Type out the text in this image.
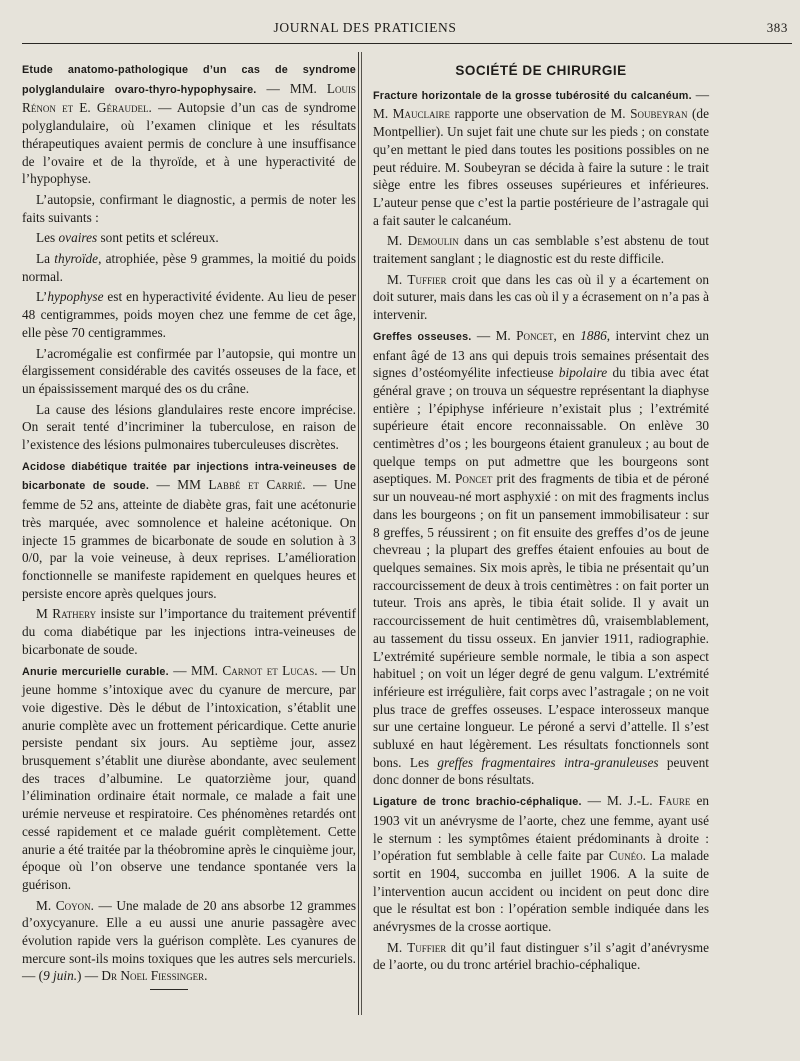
JOURNAL DES PRATICIENS	383

Etude anatomo-pathologique d’un cas de syndrome polyglandulaire ovaro-thyro-hypophysaire. — MM. Louis Rénon et E. Géraudel. — Autopsie d’un cas de syndrome polyglandulaire, où l’examen clinique et les résultats thérapeutiques avaient permis de conclure à une insuffisance de l’ovaire et de la thyroïde, et à une hyperactivité de l’hypophyse.

L’autopsie, confirmant le diagnostic, a permis de noter les faits suivants :

Les ovaires sont petits et scléreux.

La thyroïde, atrophiée, pèse 9 grammes, la moitié du poids normal.

L’hypophyse est en hyperactivité évidente. Au lieu de peser 48 centigrammes, poids moyen chez une femme de cet âge, elle pèse 70 centigrammes.

L’acromégalie est confirmée par l’autopsie, qui montre un élargissement considérable des cavités osseuses de la face, et un épaississement marqué des os du crâne.

La cause des lésions glandulaires reste encore imprécise. On serait tenté d’incriminer la tuberculose, en raison de l’existence des lésions pulmonaires tuberculeuses discrètes.

Acidose diabétique traitée par injections intra-veineuses de bicarbonate de soude. — MM Labbé et Carrié. — Une femme de 52 ans, atteinte de diabète gras, fait une acétonurie très marquée, avec somnolence et haleine acétonique. On injecte 15 grammes de bicarbonate de soude en solution à 3 0/0, par la voie veineuse, à deux reprises. L’amélioration fonctionnelle se manifeste rapidement en quelques heures et persiste encore après quelques jours.

M Rathery insiste sur l’importance du traitement préventif du coma diabétique par les injections intra-veineuses de bicarbonate de soude.

Anurie mercurielle curable. — MM. Carnot et Lucas. — Un jeune homme s’intoxique avec du cyanure de mercure, par voie digestive. Dès le début de l’intoxication, s’établit une anurie complète avec un frottement péricardique. Cette anurie persiste pendant six jours. Au septième jour, assez brusquement s’établit une diurèse abondante, avec seulement des traces d’albumine. Le quatorzième jour, quand l’élimination ordinaire était normale, ce malade a fait une urémie nerveuse et respiratoire. Ces phénomènes retardés ont cessé rapidement et ce malade guérit complètement. Cette anurie a été traitée par la théobromine après le cinquième jour, époque où l’on observe une tendance spontanée vers la guérison.

M. Coyon. — Une malade de 20 ans absorbe 12 grammes d’oxycyanure. Elle a eu aussi une anurie passagère avec évolution rapide vers la guérison complète. Les cyanures de mercure sont-ils moins toxiques que les autres sels mercuriels. — (9 juin.) — Dr Noel Fiessinger.

SOCIÉTÉ DE CHIRURGIE

Fracture horizontale de la grosse tubérosité du calcanéum. — M. Mauclaire rapporte une observation de M. Soubeyran (de Montpellier). Un sujet fait une chute sur les pieds ; on constate qu’en mettant le pied dans toutes les positions possibles on ne peut réduire. M. Soubeyran se décida à faire la suture : le trait siège entre les fibres osseuses supérieures et inférieures. L’auteur pense que c’est la partie postérieure de l’astragale qui a fait sauter le calcanéum.

M. Demoulin dans un cas semblable s’est abstenu de tout traitement sanglant ; le diagnostic est du reste difficile.

M. Tuffier croit que dans les cas où il y a écartement on doit suturer, mais dans les cas où il y a écrasement on n’a pas à intervenir.

Greffes osseuses. — M. Poncet, en 1886, intervint chez un enfant âgé de 13 ans qui depuis trois semaines présentait des signes d’ostéomyélite infectieuse bipolaire du tibia avec état général grave ; on trouva un séquestre représentant la diaphyse entière ; l’épiphyse inférieure n’existait plus ; l’extrémité supérieure était encore reconnaissable. On enlève 30 centimètres d’os ; les bourgeons étaient granuleux ; au bout de quelque temps on put admettre que les bourgeons sont aseptiques. M. Poncet prit des fragments de tibia et de péroné sur un nouveau-né mort asphyxié : on mit des fragments inclus dans les bourgeons ; on fit un pansement immobilisateur : sur 8 greffes, 5 réussirent ; on fit ensuite des greffes d’os de jeune chevreau ; la plupart des greffes étaient enfouies au bout de quelques semaines. Six mois après, le tibia ne présentait qu’un raccourcissement de deux à trois centimètres : on fait porter un tuteur. Trois ans après, le tibia était solide. Il y avait un raccourcissement de huit centimètres dû, vraisemblablement, au tassement du tissu osseux. En janvier 1911, radiographie. L’extrémité supérieure semble normale, le tibia a son aspect habituel ; on voit un léger degré de genu valgum. L’extrémité inférieure est irrégulière, fait corps avec l’astragale ; on ne voit plus trace de greffes osseuses. L’espace interosseux manque sur une certaine longueur. Le péroné a servi d’attelle. Il s’est subluxé en haut légèrement. Les résultats fonctionnels sont bons. Les greffes fragmentaires intra-granuleuses peuvent donc donner de bons résultats.

Ligature de tronc brachio-céphalique. — M. J.-L. Faure en 1903 vit un anévrysme de l’aorte, chez une femme, ayant usé le sternum : les symptômes étaient prédominants à droite : l’opération fut semblable à celle faite par Cunéo. La malade sortit en 1904, succomba en juillet 1906. A la suite de l’intervention aucun accident ou incident on peut donc dire que le résultat est bon : l’opération semble indiquée dans les anévrysmes de la crosse aortique.

M. Tuffier dit qu’il faut distinguer s’il s’agit d’anévrysme de l’aorte, ou du tronc artériel brachio-céphalique.
